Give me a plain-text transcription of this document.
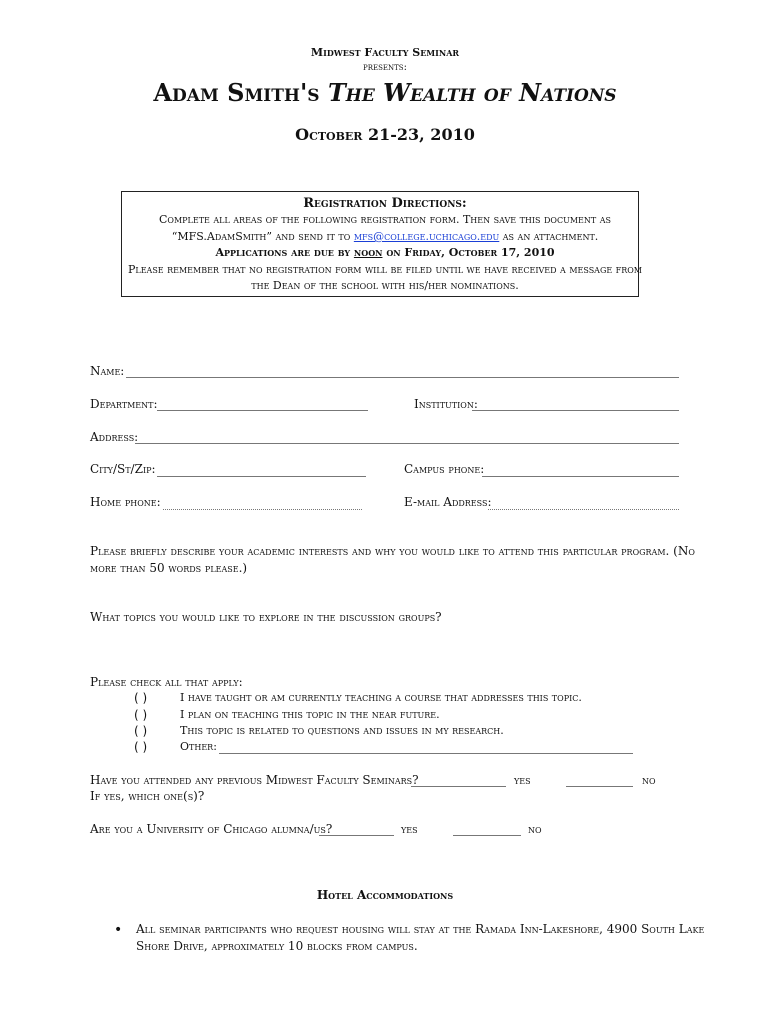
Midwest Faculty Seminar
presents:
Adam Smith's The Wealth of Nations
October 21-23, 2010
Registration Directions:
Complete all areas of the following registration form. Then save this document as
“MFS.AdamSmith” and send it to mfs@college.uchicago.edu as an attachment.
Applications are due by noon on Friday, October 17, 2010
Please remember that no registration form will be filed until we have received a message from
the Dean of the school with his/her nominations.
Name:
Department:	Institution:
Address:
City/St/Zip:	Campus phone:
Home phone:	E-mail Address:
Please briefly describe your academic interests and why you would like to attend this particular program. (No
more than 50 words please.)
What topics you would like to explore in the discussion groups?
Please check all that apply:
( )	I have taught or am currently teaching a course that addresses this topic.
( )	I plan on teaching this topic in the near future.
( )	This topic is related to questions and issues in my research.
( )	Other:
Have you attended any previous Midwest Faculty Seminars?	yes	no
If yes, which one(s)?
Are you a University of Chicago alumna/us?	yes	no
Hotel Accommodations
• All seminar participants who request housing will stay at the Ramada Inn-Lakeshore, 4900 South Lake
Shore Drive, approximately 10 blocks from campus.
